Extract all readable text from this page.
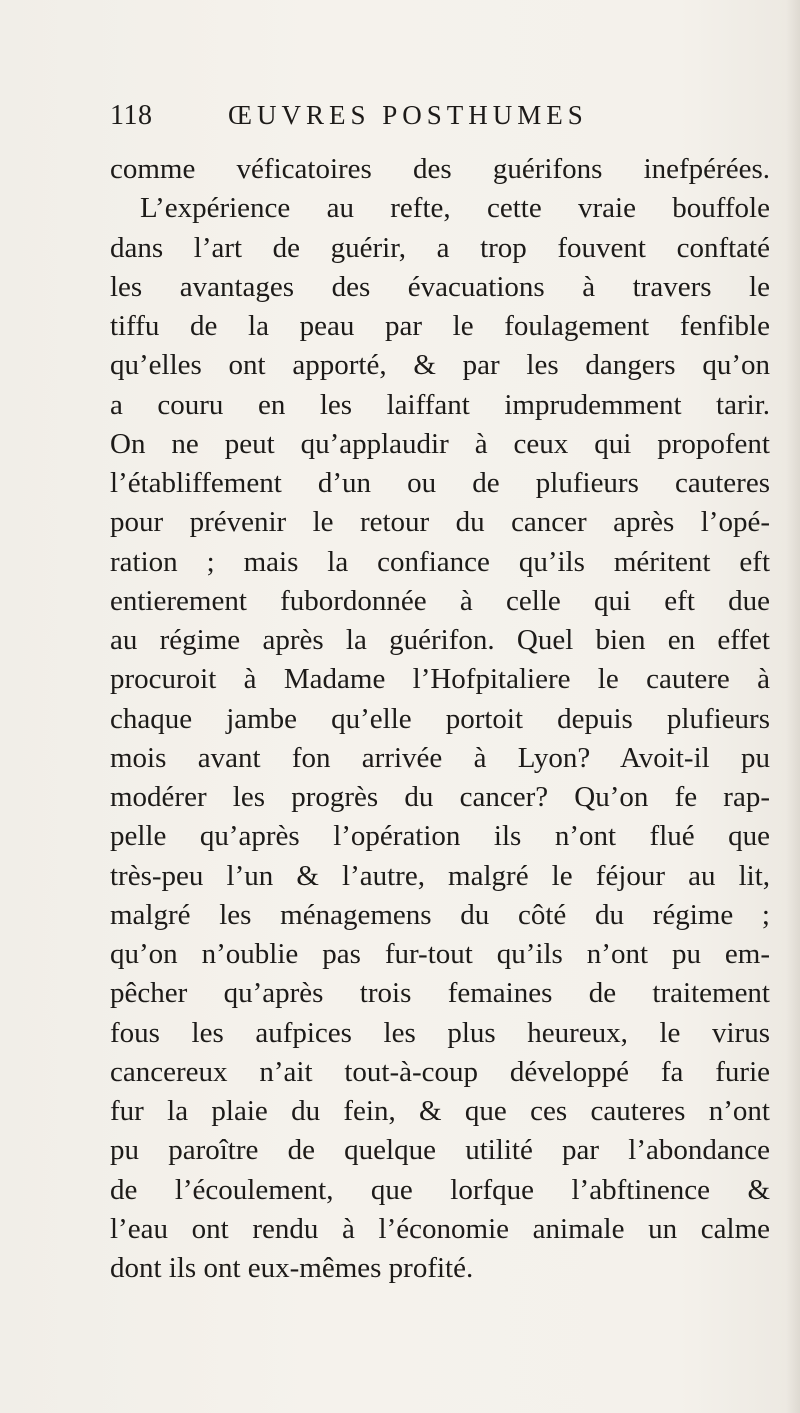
118	ŒUVRES POSTHUMES
comme véficatoires des guérifons inefpérées.
L’expérience au refte, cette vraie bouffole
dans l’art de guérir, a trop fouvent conftaté
les avantages des évacuations à travers le
tiffu de la peau par le foulagement fenfible
qu’elles ont apporté, & par les dangers qu’on
a couru en les laiffant imprudemment tarir.
On ne peut qu’applaudir à ceux qui propofent
l’établiffement d’un ou de plufieurs cauteres
pour prévenir le retour du cancer après l’opé-
ration ; mais la confiance qu’ils méritent eft
entierement fubordonnée à celle qui eft due
au régime après la guérifon. Quel bien en effet
procuroit à Madame l’Hofpitaliere le cautere à
chaque jambe qu’elle portoit depuis plufieurs
mois avant fon arrivée à Lyon? Avoit-il pu
modérer les progrès du cancer? Qu’on fe rap-
pelle qu’après l’opération ils n’ont flué que
très-peu l’un & l’autre, malgré le féjour au lit,
malgré les ménagemens du côté du régime ;
qu’on n’oublie pas fur-tout qu’ils n’ont pu em-
pêcher qu’après trois femaines de traitement
fous les aufpices les plus heureux, le virus
cancereux n’ait tout-à-coup développé fa furie
fur la plaie du fein, & que ces cauteres n’ont
pu paroître de quelque utilité par l’abondance
de l’écoulement, que lorfque l’abftinence &
l’eau ont rendu à l’économie animale un calme
dont ils ont eux-mêmes profité.
